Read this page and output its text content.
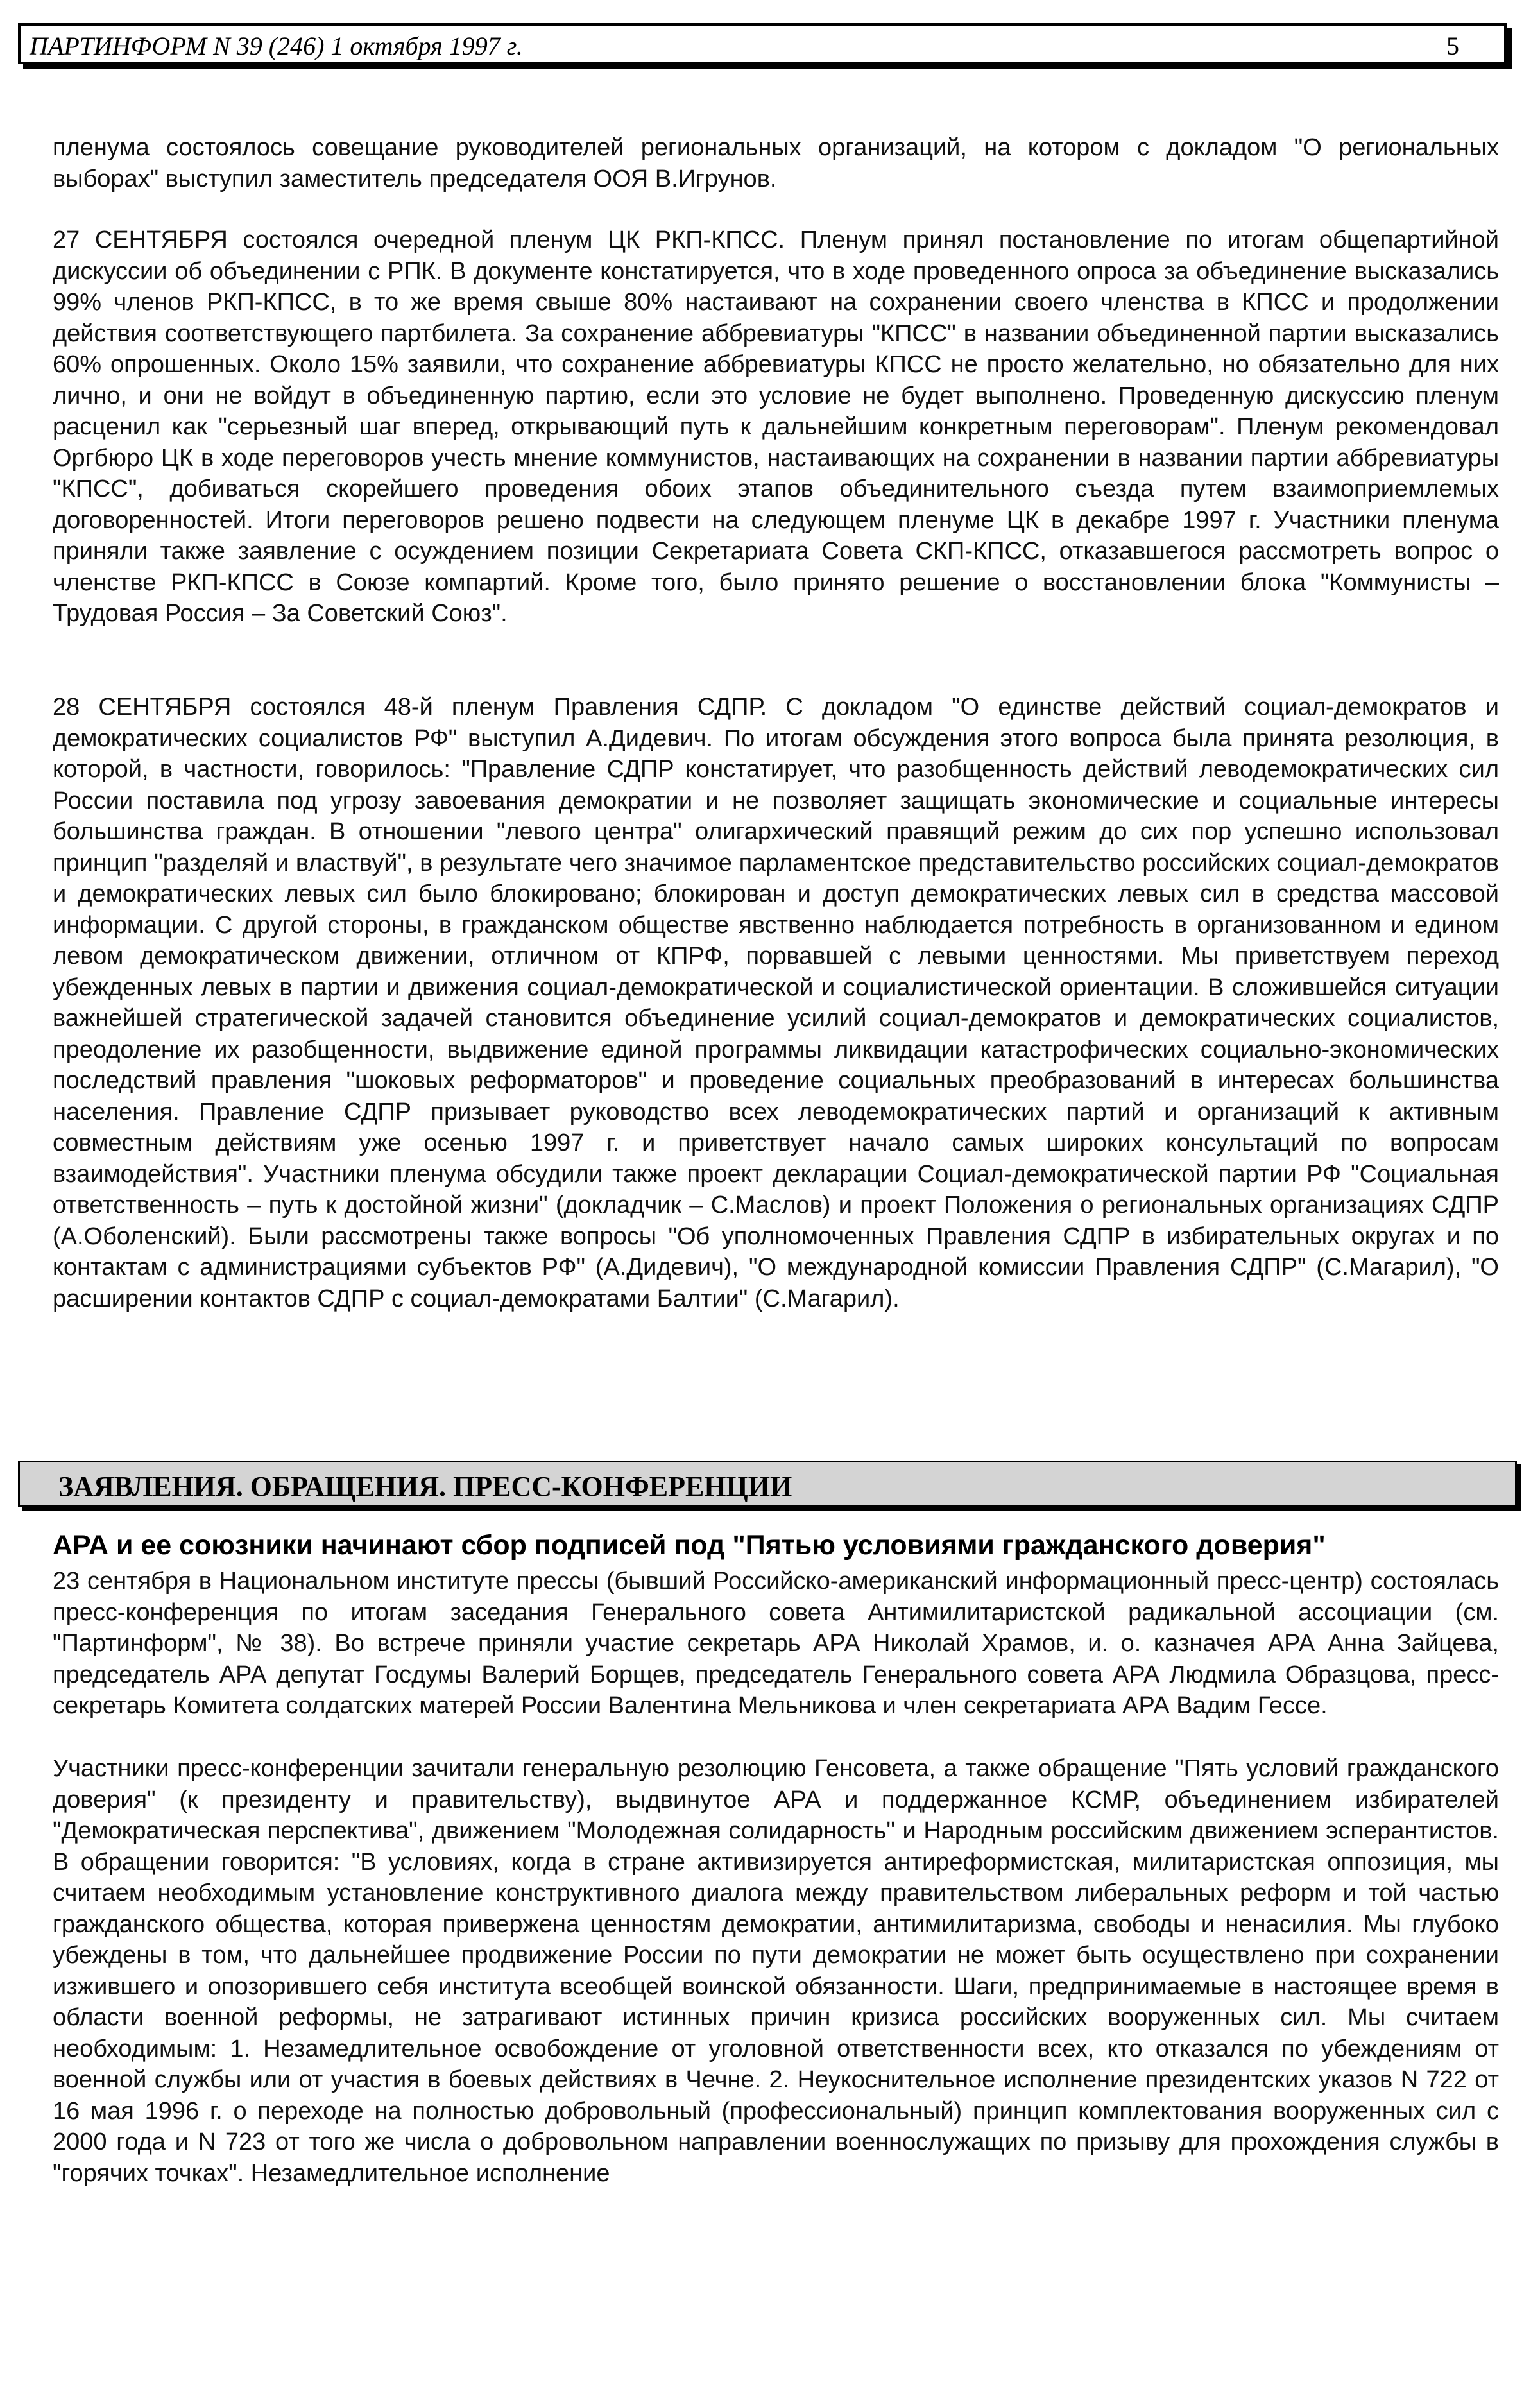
ПАРТИНФОРМ N 39 (246) 1 октября 1997 г.	5

пленума состоялось совещание руководителей региональных организаций, на котором с докладом "О региональных выборах" выступил заместитель председателя ООЯ В.Игрунов.

27 СЕНТЯБРЯ состоялся очередной пленум ЦК РКП-КПСС. Пленум принял постановление по итогам общепартийной дискуссии об объединении с РПК. В документе констатируется, что в ходе проведенного опроса за объединение высказались 99% членов РКП-КПСС, в то же время свыше 80% настаивают на сохранении своего членства в КПСС и продолжении действия соответствующего партбилета. За сохранение аббревиатуры "КПСС" в названии объединенной партии высказались 60% опрошенных. Около 15% заявили, что сохранение аббревиатуры КПСС не просто желательно, но обязательно для них лично, и они не войдут в объединенную партию, если это условие не будет выполнено. Проведенную дискуссию пленум расценил как "серьезный шаг вперед, открывающий путь к дальнейшим конкретным переговорам". Пленум рекомендовал Оргбюро ЦК в ходе переговоров учесть мнение коммунистов, настаивающих на сохранении в названии партии аббревиатуры "КПСС", добиваться скорейшего проведения обоих этапов объединительного съезда путем взаимоприемлемых договоренностей. Итоги переговоров решено подвести на следующем пленуме ЦК в декабре 1997 г. Участники пленума приняли также заявление с осуждением позиции Секретариата Совета СКП-КПСС, отказавшегося рассмотреть вопрос о членстве РКП-КПСС в Союзе компартий. Кроме того, было принято решение о восстановлении блока "Коммунисты – Трудовая Россия – За Советский Союз".

28 СЕНТЯБРЯ состоялся 48-й пленум Правления СДПР. С докладом "О единстве действий социал-демократов и демократических социалистов РФ" выступил А.Дидевич. По итогам обсуждения этого вопроса была принята резолюция, в которой, в частности, говорилось: "Правление СДПР констатирует, что разобщенность действий леводемократических сил России поставила под угрозу завоевания демократии и не позволяет защищать экономические и социальные интересы большинства граждан. В отношении "левого центра" олигархический правящий режим до сих пор успешно использовал принцип "разделяй и властвуй", в результате чего значимое парламентское представительство российских социал-демократов и демократических левых сил было блокировано; блокирован и доступ демократических левых сил в средства массовой информации. С другой стороны, в гражданском обществе явственно наблюдается потребность в организованном и едином левом демократическом движении, отличном от КПРФ, порвавшей с левыми ценностями. Мы приветствуем переход убежденных левых в партии и движения социал-демократической и социалистической ориентации. В сложившейся ситуации важнейшей стратегической задачей становится объединение усилий социал-демократов и демократических социалистов, преодоление их разобщенности, выдвижение единой программы ликвидации катастрофических социально-экономических последствий правления "шоковых реформаторов" и проведение социальных преобразований в интересах большинства населения. Правление СДПР призывает руководство всех леводемократических партий и организаций к активным совместным действиям уже осенью 1997 г. и приветствует начало самых широких консультаций по вопросам взаимодействия". Участники пленума обсудили также проект декларации Социал-демократической партии РФ "Социальная ответственность – путь к достойной жизни" (докладчик – С.Маслов) и проект Положения о региональных организациях СДПР (А.Оболенский). Были рассмотрены также вопросы "Об уполномоченных Правления СДПР в избирательных округах и по контактам с администрациями субъектов РФ" (А.Дидевич), "О международной комиссии Правления СДПР" (С.Магарил), "О расширении контактов СДПР с социал-демократами Балтии" (С.Магарил).

ЗАЯВЛЕНИЯ. ОБРАЩЕНИЯ. ПРЕСС-КОНФЕРЕНЦИИ
АРА и ее союзники начинают сбор подписей под "Пятью условиями гражданского доверия"

23 сентября в Национальном институте прессы (бывший Российско-американский информационный пресс-центр) состоялась пресс-конференция по итогам заседания Генерального совета Антимилитаристской радикальной ассоциации (см. "Партинформ", № 38). Во встрече приняли участие секретарь АРА Николай Храмов, и. о. казначея АРА Анна Зайцева, председатель АРА депутат Госдумы Валерий Борщев, председатель Генерального совета АРА Людмила Образцова, пресс-секретарь Комитета солдатских матерей России Валентина Мельникова и член секретариата АРА Вадим Гессе.

Участники пресс-конференции зачитали генеральную резолюцию Генсовета, а также обращение "Пять условий гражданского доверия" (к президенту и правительству), выдвинутое АРА и поддержанное КСМР, объединением избирателей "Демократическая перспектива", движением "Молодежная солидарность" и Народным российским движением эсперантистов. В обращении говорится: "В условиях, когда в стране активизируется антиреформистская, милитаристская оппозиция, мы считаем необходимым установление конструктивного диалога между правительством либеральных реформ и той частью гражданского общества, которая привержена ценностям демократии, антимилитаризма, свободы и ненасилия. Мы глубоко убеждены в том, что дальнейшее продвижение России по пути демократии не может быть осуществлено при сохранении изжившего и опозорившего себя института всеобщей воинской обязанности. Шаги, предпринимаемые в настоящее время в области военной реформы, не затрагивают истинных причин кризиса российских вооруженных сил. Мы считаем необходимым: 1. Незамедлительное освобождение от уголовной ответственности всех, кто отказался по убеждениям от военной службы или от участия в боевых действиях в Чечне. 2. Неукоснительное исполнение президентских указов N 722 от 16 мая 1996 г. о переходе на полностью добровольный (профессиональный) принцип комплектования вооруженных сил с 2000 года и N 723 от того же числа о добровольном направлении военнослужащих по призыву для прохождения службы в "горячих точках". Незамедлительное исполнение
